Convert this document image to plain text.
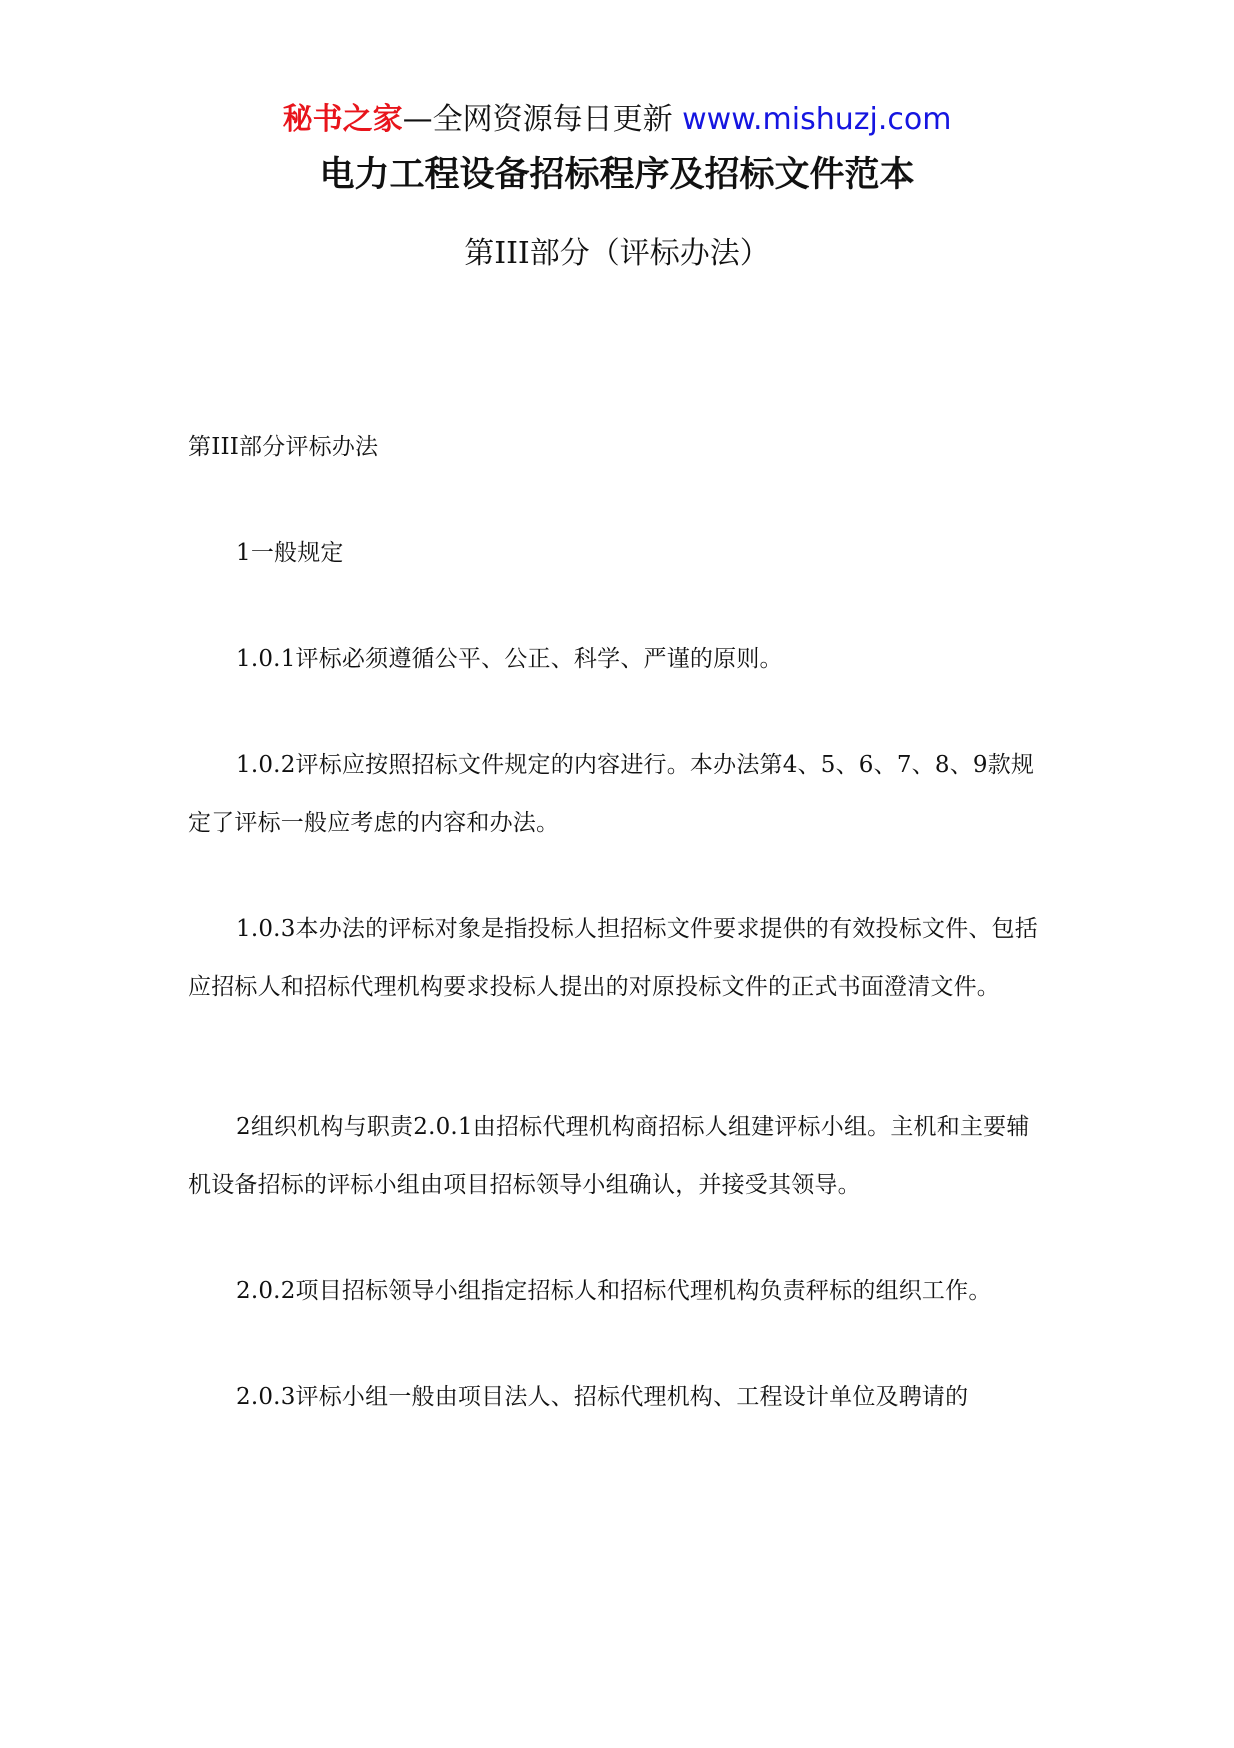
秘书之家—全网资源每日更新 www.mishuzj.com
电力工程设备招标程序及招标文件范本
第III部分（评标办法）

第III部分评标办法

1一般规定

1.0.1评标必须遵循公平、公正、科学、严谨的原则。

1.0.2评标应按照招标文件规定的内容进行。本办法第4、5、6、7、8、9款规定了评标一般应考虑的内容和办法。

1.0.3本办法的评标对象是指投标人担招标文件要求提供的有效投标文件、包括应招标人和招标代理机构要求投标人提出的对原投标文件的正式书面澄清文件。

2组织机构与职责2.0.1由招标代理机构商招标人组建评标小组。主机和主要辅机设备招标的评标小组由项目招标领导小组确认，并接受其领导。

2.0.2项目招标领导小组指定招标人和招标代理机构负责秤标的组织工作。

2.0.3评标小组一般由项目法人、招标代理机构、工程设计单位及聘请的
